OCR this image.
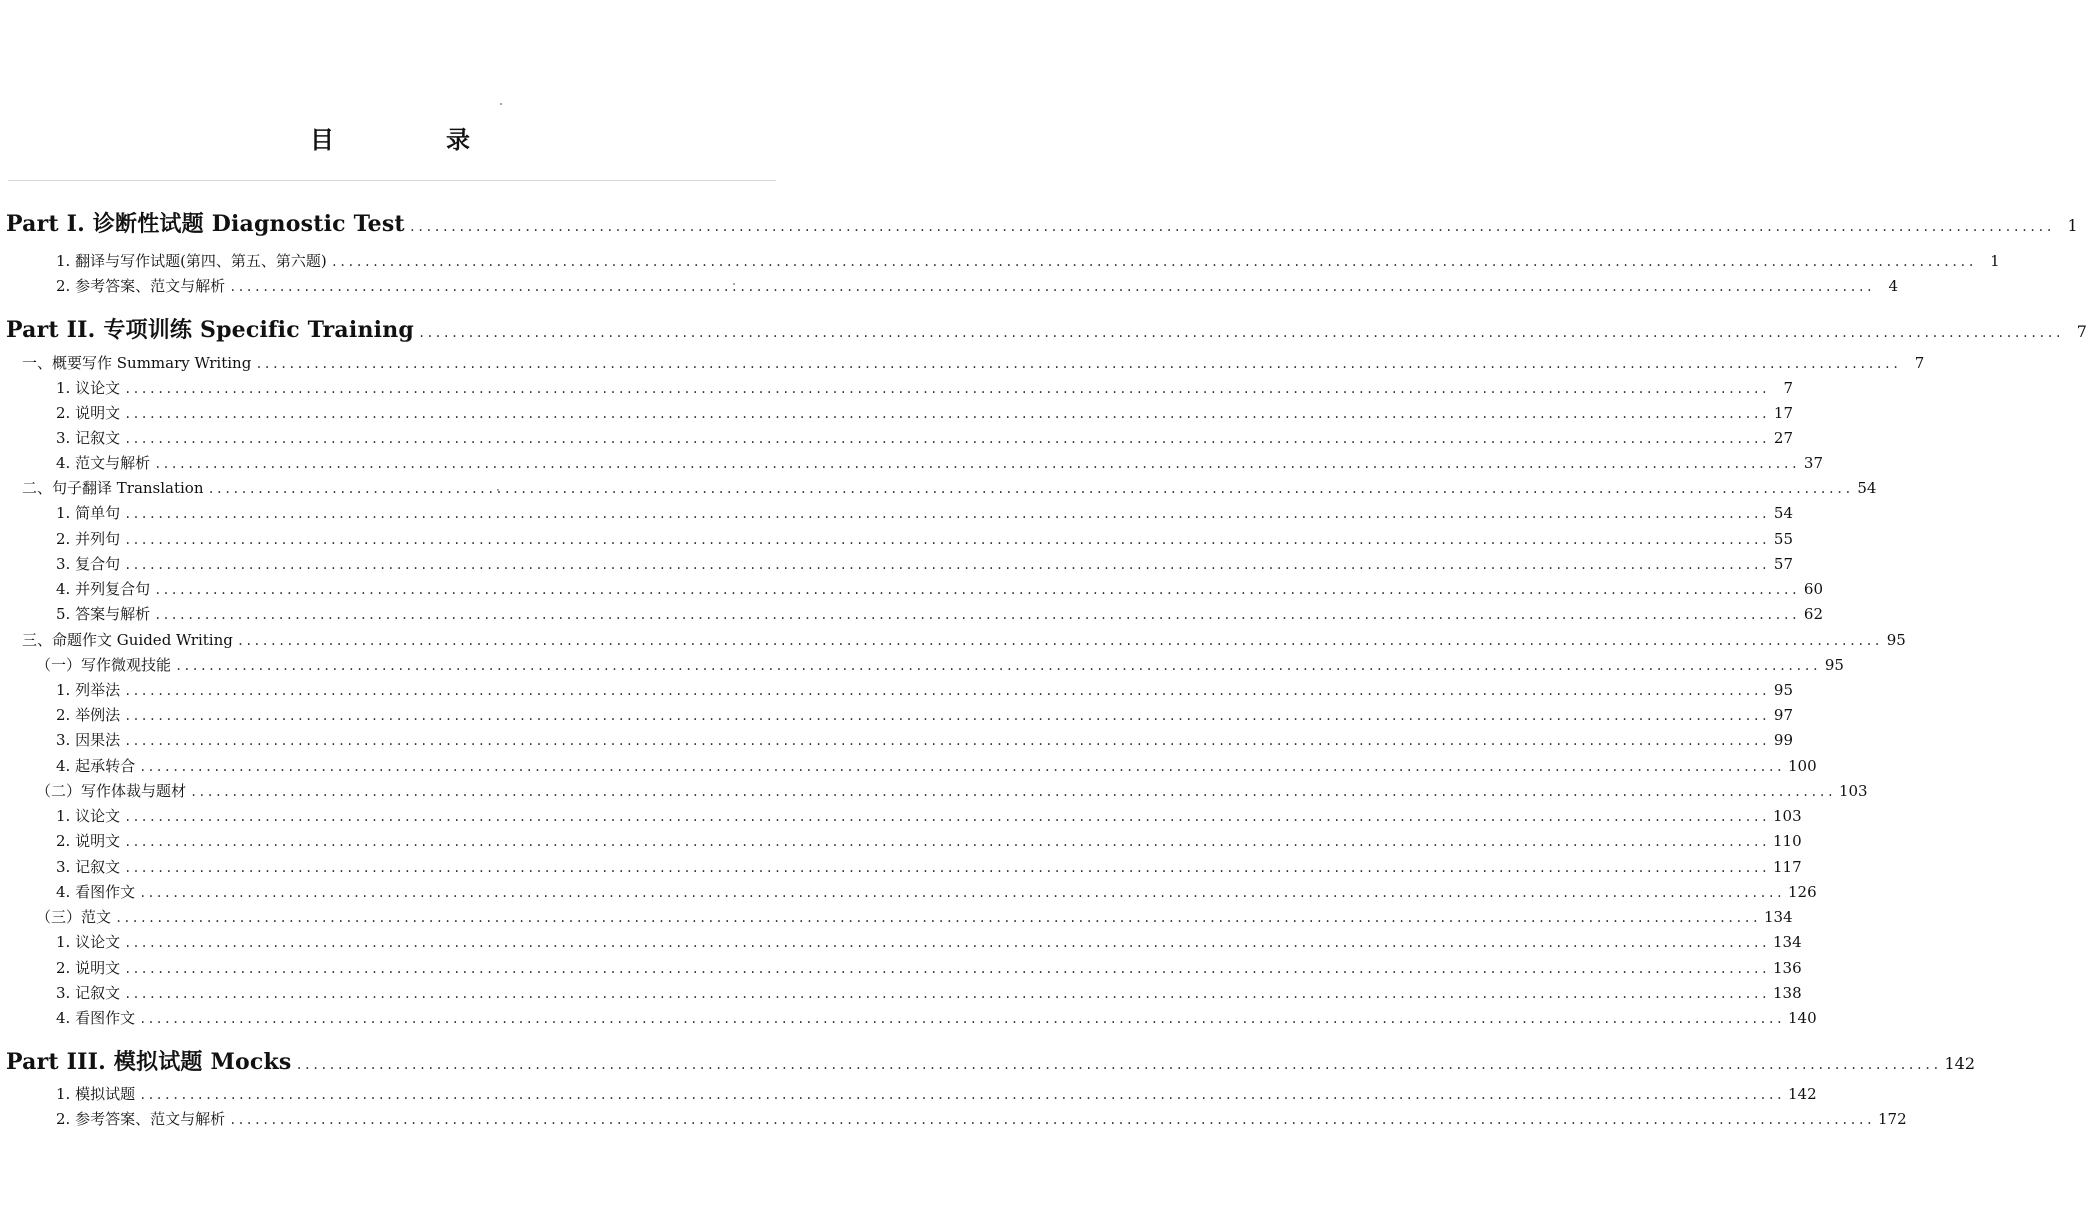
目　录
Part I. 诊断性试题 Diagnostic Test ........................................................................................................................................................................................................ 1
1. 翻译与写作试题(第四、第五、第六题) ........................................................................................................................................................................................................ 1
2. 参考答案、范文与解析 ........................................................................................................................................................................................................ 4
Part II. 专项训练 Specific Training ........................................................................................................................................................................................................ 7
一、概要写作 Summary Writing ........................................................................................................................................................................................................ 7
1. 议论文 ........................................................................................................................................................................................................ 7
2. 说明文 ........................................................................................................................................................................................................ 17
3. 记叙文 ........................................................................................................................................................................................................ 27
4. 范文与解析 ........................................................................................................................................................................................................ 37
二、句子翻译 Translation ........................................................................................................................................................................................................ 54
1. 简单句 ........................................................................................................................................................................................................ 54
2. 并列句 ........................................................................................................................................................................................................ 55
3. 复合句 ........................................................................................................................................................................................................ 57
4. 并列复合句 ........................................................................................................................................................................................................ 60
5. 答案与解析 ........................................................................................................................................................................................................ 62
三、命题作文 Guided Writing ........................................................................................................................................................................................................ 95
（一）写作微观技能 ........................................................................................................................................................................................................ 95
1. 列举法 ........................................................................................................................................................................................................ 95
2. 举例法 ........................................................................................................................................................................................................ 97
3. 因果法 ........................................................................................................................................................................................................ 99
4. 起承转合 ........................................................................................................................................................................................................ 100
（二）写作体裁与题材 ........................................................................................................................................................................................................ 103
1. 议论文 ........................................................................................................................................................................................................ 103
2. 说明文 ........................................................................................................................................................................................................ 110
3. 记叙文 ........................................................................................................................................................................................................ 117
4. 看图作文 ........................................................................................................................................................................................................ 126
（三）范文 ........................................................................................................................................................................................................ 134
1. 议论文 ........................................................................................................................................................................................................ 134
2. 说明文 ........................................................................................................................................................................................................ 136
3. 记叙文 ........................................................................................................................................................................................................ 138
4. 看图作文 ........................................................................................................................................................................................................ 140
Part III. 模拟试题 Mocks ........................................................................................................................................................................................................ 142
1. 模拟试题 ........................................................................................................................................................................................................ 142
2. 参考答案、范文与解析 ........................................................................................................................................................................................................ 172
